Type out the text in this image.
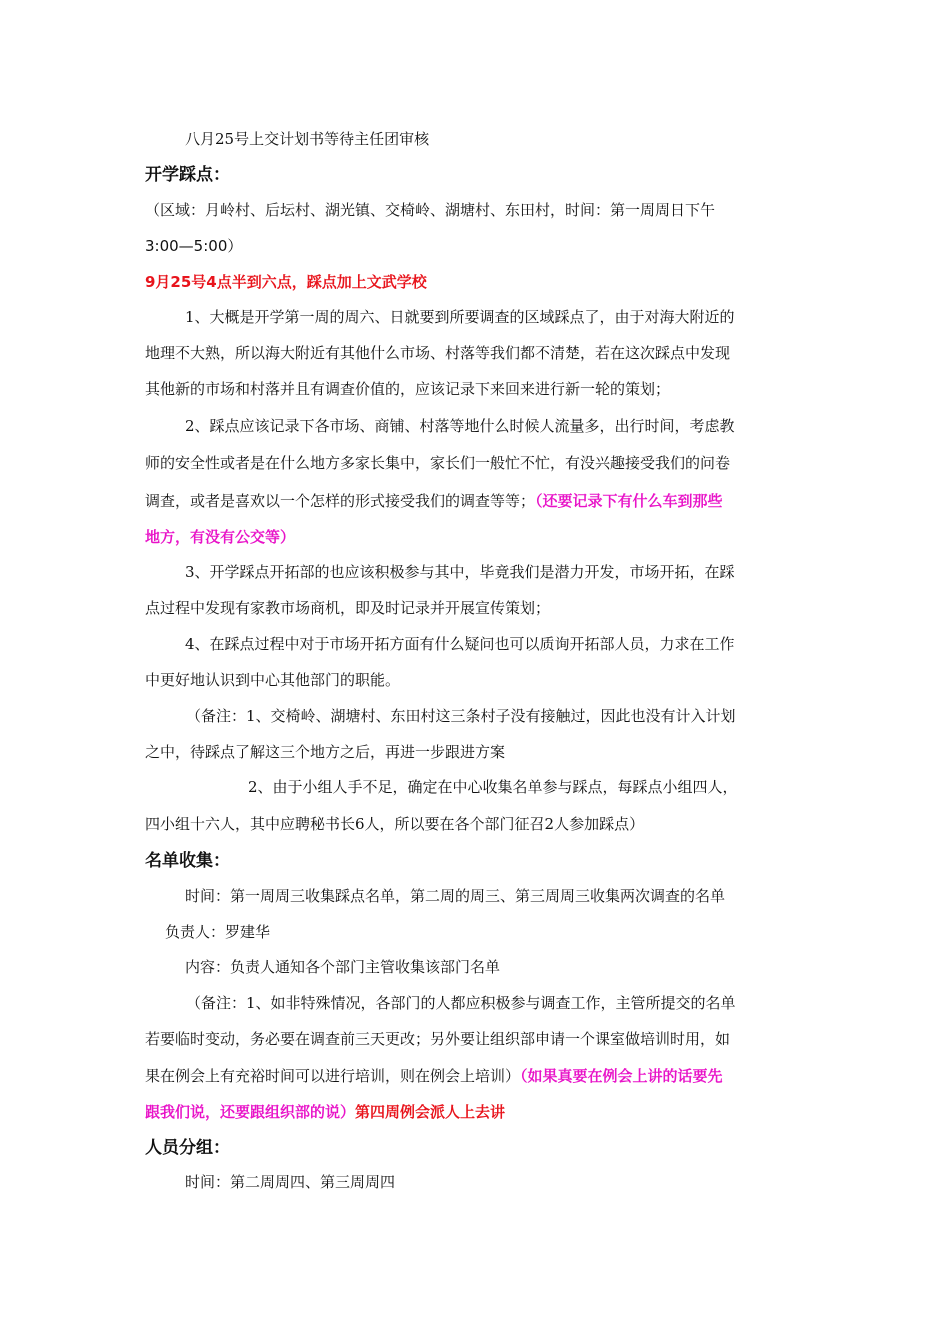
八月25号上交计划书等待主任团审核
开学踩点：
（区域：月岭村、后坛村、湖光镇、交椅岭、湖塘村、东田村，时间：第一周周日下午
3:00—5:00）
9月25号4点半到六点，踩点加上文武学校
1、大概是开学第一周的周六、日就要到所要调查的区域踩点了，由于对海大附近的
地理不大熟，所以海大附近有其他什么市场、村落等我们都不清楚，若在这次踩点中发现
其他新的市场和村落并且有调查价值的，应该记录下来回来进行新一轮的策划；
2、踩点应该记录下各市场、商铺、村落等地什么时候人流量多，出行时间，考虑教
师的安全性或者是在什么地方多家长集中，家长们一般忙不忙，有没兴趣接受我们的问卷
调查，或者是喜欢以一个怎样的形式接受我们的调查等等；（还要记录下有什么车到那些
地方，有没有公交等）
3、开学踩点开拓部的也应该积极参与其中，毕竟我们是潜力开发，市场开拓，在踩
点过程中发现有家教市场商机，即及时记录并开展宣传策划；
4、在踩点过程中对于市场开拓方面有什么疑问也可以质询开拓部人员，力求在工作
中更好地认识到中心其他部门的职能。
（备注：1、交椅岭、湖塘村、东田村这三条村子没有接触过，因此也没有计入计划
之中，待踩点了解这三个地方之后，再进一步跟进方案
2、由于小组人手不足，确定在中心收集名单参与踩点，每踩点小组四人，
四小组十六人，其中应聘秘书长6人，所以要在各个部门征召2人参加踩点）
名单收集：
时间：第一周周三收集踩点名单，第二周的周三、第三周周三收集两次调查的名单
负责人：罗建华
内容：负责人通知各个部门主管收集该部门名单
（备注：1、如非特殊情况，各部门的人都应积极参与调查工作，主管所提交的名单
若要临时变动，务必要在调查前三天更改；另外要让组织部申请一个课室做培训时用，如
果在例会上有充裕时间可以进行培训，则在例会上培训）（如果真要在例会上讲的话要先
跟我们说，还要跟组织部的说）第四周例会派人上去讲
人员分组：
时间：第二周周四、第三周周四
